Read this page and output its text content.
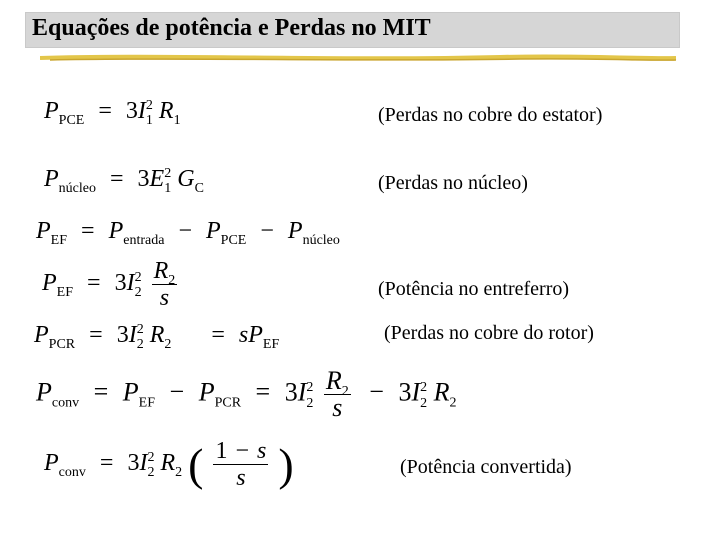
Equações de potência e Perdas no MIT
$P_{PCE} = 3I^2_1$ $R_1$	(Perdas no cobre do estator)
$P_{núcleo} = 3E^2_1$ $G_C$	(Perdas no núcleo)
$P_{EF} = P_{entrada} - P_{PCE} - P_{núcleo}$
$P_{EF} = 3I^2_2 \frac{R_2}{s}$	(Potência no entreferro)
$P_{PCR} = 3I^2_2$ $R_2 = sP_{EF}$
(Perdas no cobre do rotor)
$P_{conv} = P_{EF} - P_{PCR} = 3I^2_2 \frac{R_2}{s} - 3I^2_2$ $R_2$
$P_{conv} = 3I^2_2$ $R_2$ ( $\frac{1 - s}{s}$ )	(Potência convertida)
